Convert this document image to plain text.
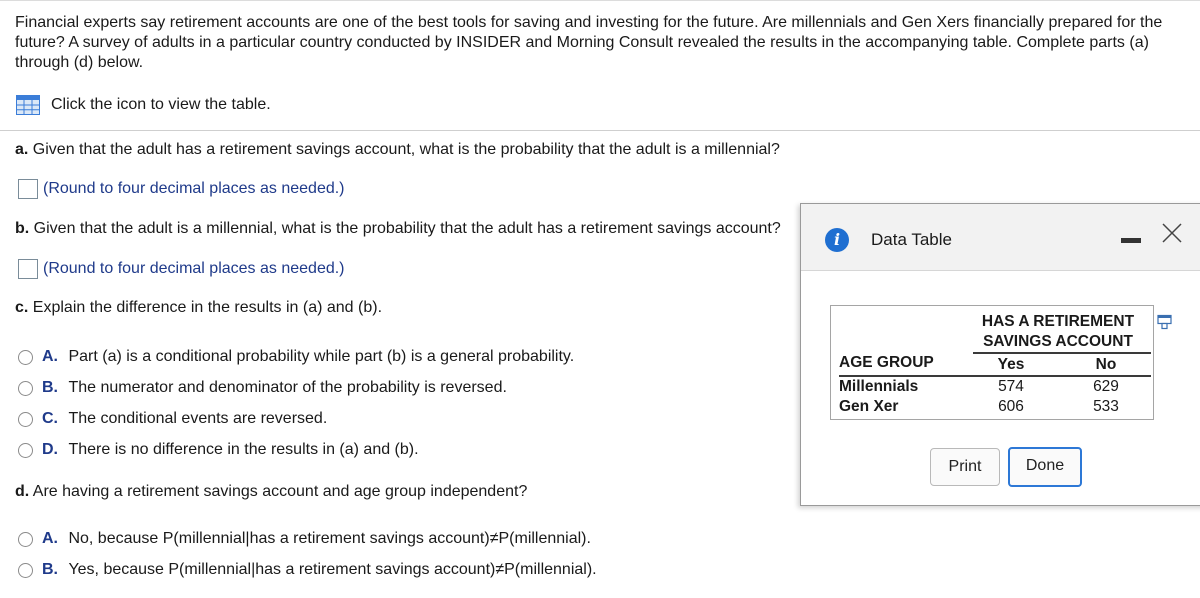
Financial experts say retirement accounts are one of the best tools for saving and investing for the future. Are millennials and Gen Xers financially prepared for the future? A survey of adults in a particular country conducted by INSIDER and Morning Consult revealed the results in the accompanying table. Complete parts (a) through (d) below.
Click the icon to view the table.
a. Given that the adult has a retirement savings account, what is the probability that the adult is a millennial?
(Round to four decimal places as needed.)
b. Given that the adult is a millennial, what is the probability that the adult has a retirement savings account?
(Round to four decimal places as needed.)
c. Explain the difference in the results in (a) and (b).
A. Part (a) is a conditional probability while part (b) is a general probability.
B. The numerator and denominator of the probability is reversed.
C. The conditional events are reversed.
D. There is no difference in the results in (a) and (b).
d. Are having a retirement savings account and age group independent?
A. No, because P(millennial|has a retirement savings account)≠P(millennial).
B. Yes, because P(millennial|has a retirement savings account)≠P(millennial).
i	Data Table
HAS A RETIREMENT
SAVINGS ACCOUNT
AGE GROUP	Yes	No
Millennials	574	629
Gen Xer	606	533
Print	Done
